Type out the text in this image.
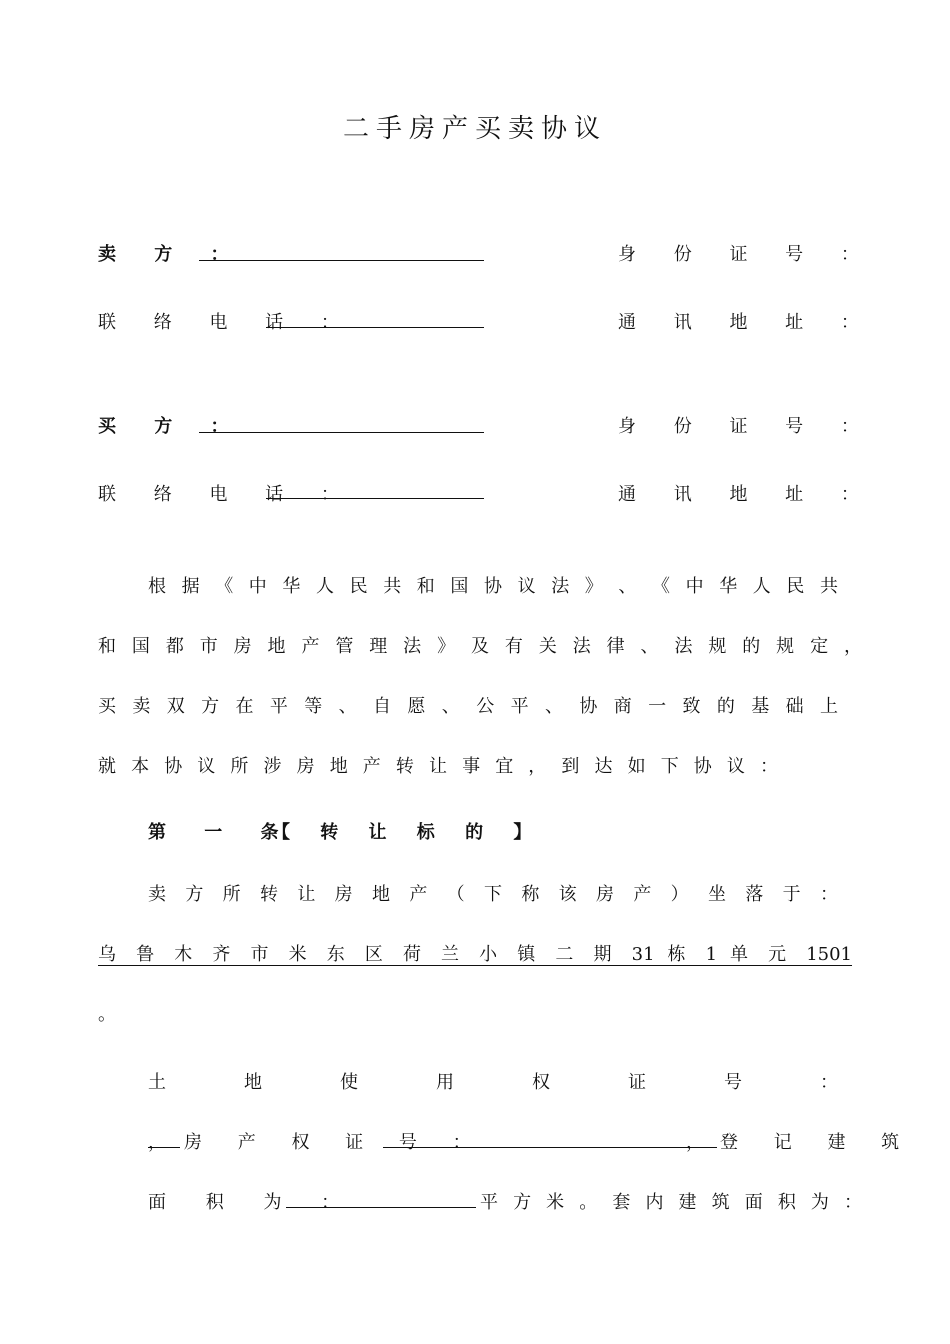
二手房产买卖协议
卖 方 ：	身 份 证 号 ：
联 络 电 话 ：	通 讯 地 址 ：
买 方 ：	身 份 证 号 ：
联 络 电 话 ：	通 讯 地 址 ：
根 据 《 中 华 人 民 共 和 国 协 议 法 》 、 《 中 华 人 民 共
和 国 都 市 房 地 产 管 理 法 》 及 有 关 法 律 、 法 规 的 规 定 ，
买 卖 双 方 在 平 等 、 自 愿 、 公 平 、 协 商 一 致 的 基 础 上
就 本 协 议 所 涉 房 地 产 转 让 事 宜 ， 到 达 如 下 协 议 ：
第 一 条
【 转 让 标 的 】
卖 方 所 转 让 房 地 产 （ 下 称 该 房 产 ） 坐 落 于 ：
乌 鲁 木 齐 市 米 东 区 荷 兰 小 镇 二 期 31 栋 1 单 元 1501
。
土 地 使 用 权 证 号 ：
， 房 产 权 证 号 ：	， 登 记 建 筑
面 积 为 ：	平 方 米 。 套 内 建 筑 面 积 为 ：
